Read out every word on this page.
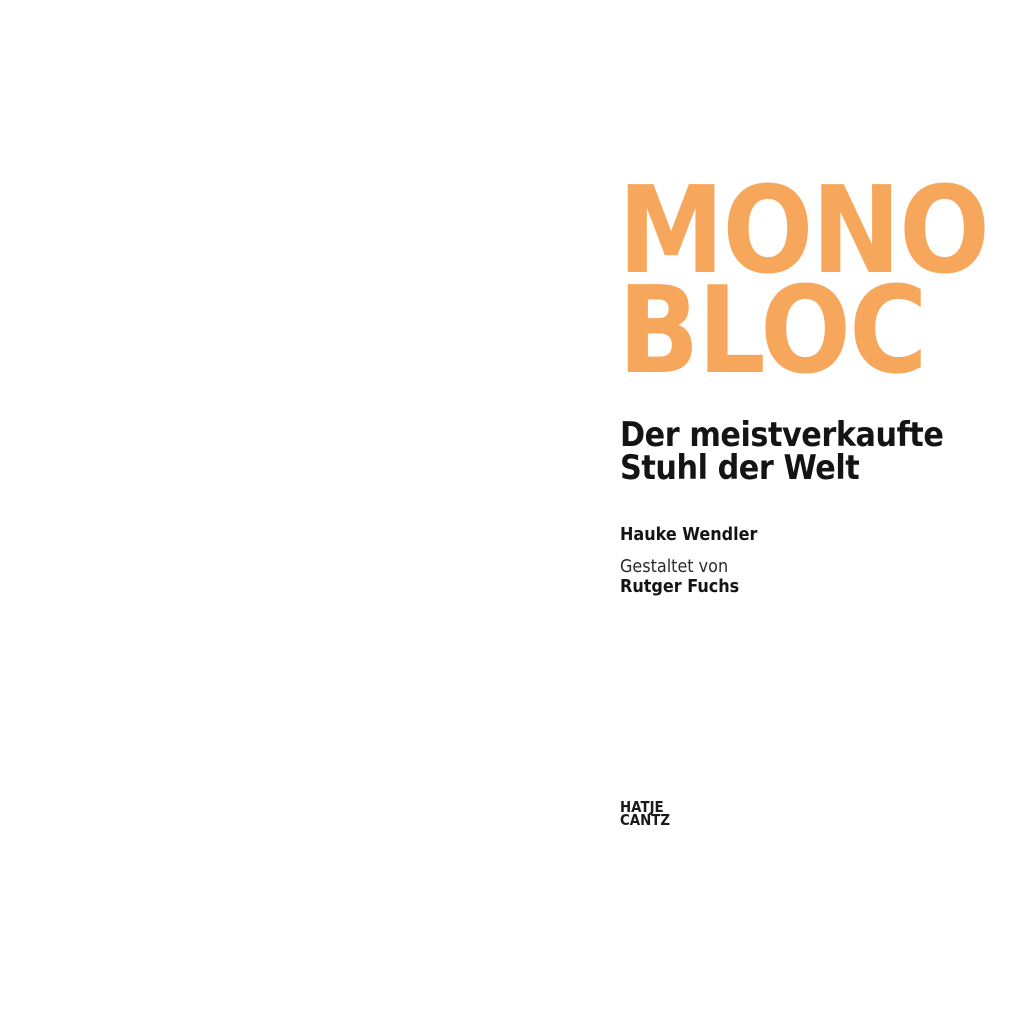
MONO
BLOC
Der meistverkaufte
Stuhl der Welt
Hauke Wendler
Gestaltet von
Rutger Fuchs
HATJE
CANTZ
